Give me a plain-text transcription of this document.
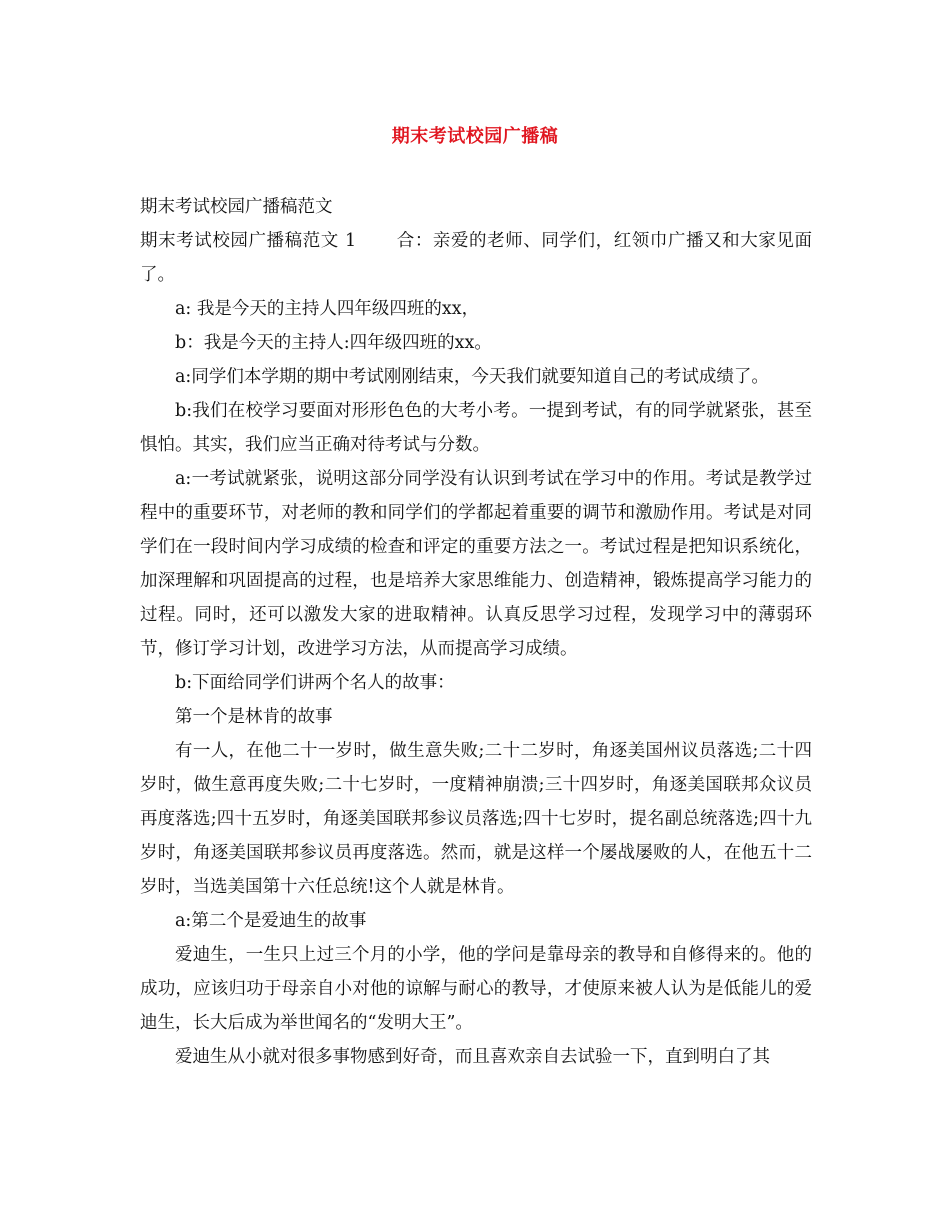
期末考试校园广播稿

期末考试校园广播稿范文

期末考试校园广播稿范文 1 合：亲爱的老师、同学们，红领巾广播又和大家见面了。

a: 我是今天的主持人四年级四班的xx，

b：我是今天的主持人:四年级四班的xx。

a:同学们本学期的期中考试刚刚结束，今天我们就要知道自己的考试成绩了。

b:我们在校学习要面对形形色色的大考小考。一提到考试，有的同学就紧张，甚至惧怕。其实，我们应当正确对待考试与分数。

a:一考试就紧张，说明这部分同学没有认识到考试在学习中的作用。考试是教学过程中的重要环节，对老师的教和同学们的学都起着重要的调节和激励作用。考试是对同学们在一段时间内学习成绩的检查和评定的重要方法之一。考试过程是把知识系统化，加深理解和巩固提高的过程，也是培养大家思维能力、创造精神，锻炼提高学习能力的过程。同时，还可以激发大家的进取精神。认真反思学习过程，发现学习中的薄弱环节，修订学习计划，改进学习方法，从而提高学习成绩。

b:下面给同学们讲两个名人的故事：

第一个是林肯的故事

有一人，在他二十一岁时，做生意失败;二十二岁时，角逐美国州议员落选;二十四岁时，做生意再度失败;二十七岁时，一度精神崩溃;三十四岁时，角逐美国联邦众议员再度落选;四十五岁时，角逐美国联邦参议员落选;四十七岁时，提名副总统落选;四十九岁时，角逐美国联邦参议员再度落选。然而，就是这样一个屡战屡败的人，在他五十二岁时，当选美国第十六任总统!这个人就是林肯。

a:第二个是爱迪生的故事

爱迪生，一生只上过三个月的小学，他的学问是靠母亲的教导和自修得来的。他的成功，应该归功于母亲自小对他的谅解与耐心的教导，才使原来被人认为是低能儿的爱迪生，长大后成为举世闻名的“发明大王”。

爱迪生从小就对很多事物感到好奇，而且喜欢亲自去试验一下，直到明白了其
